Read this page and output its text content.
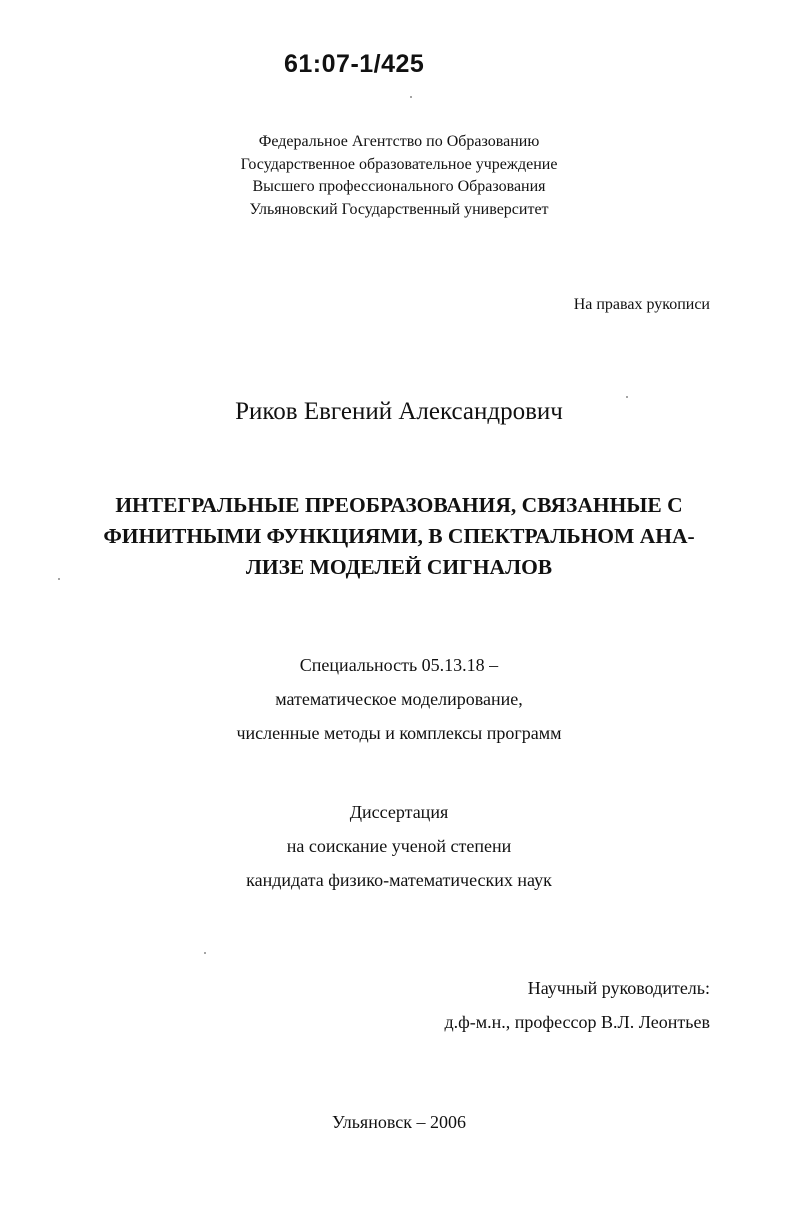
61:07-1/425
Федеральное Агентство по Образованию
Государственное образовательное учреждение
Высшего профессионального Образования
Ульяновский Государственный университет
На правах рукописи
Риков Евгений Александрович
ИНТЕГРАЛЬНЫЕ ПРЕОБРАЗОВАНИЯ, СВЯЗАННЫЕ С
ФИНИТНЫМИ ФУНКЦИЯМИ, В СПЕКТРАЛЬНОМ АНА-
ЛИЗЕ МОДЕЛЕЙ СИГНАЛОВ
Специальность 05.13.18 –
математическое моделирование,
численные методы и комплексы программ
Диссертация
на соискание ученой степени
кандидата физико-математических наук
Научный руководитель:
д.ф-м.н., профессор В.Л. Леонтьев
Ульяновск – 2006
